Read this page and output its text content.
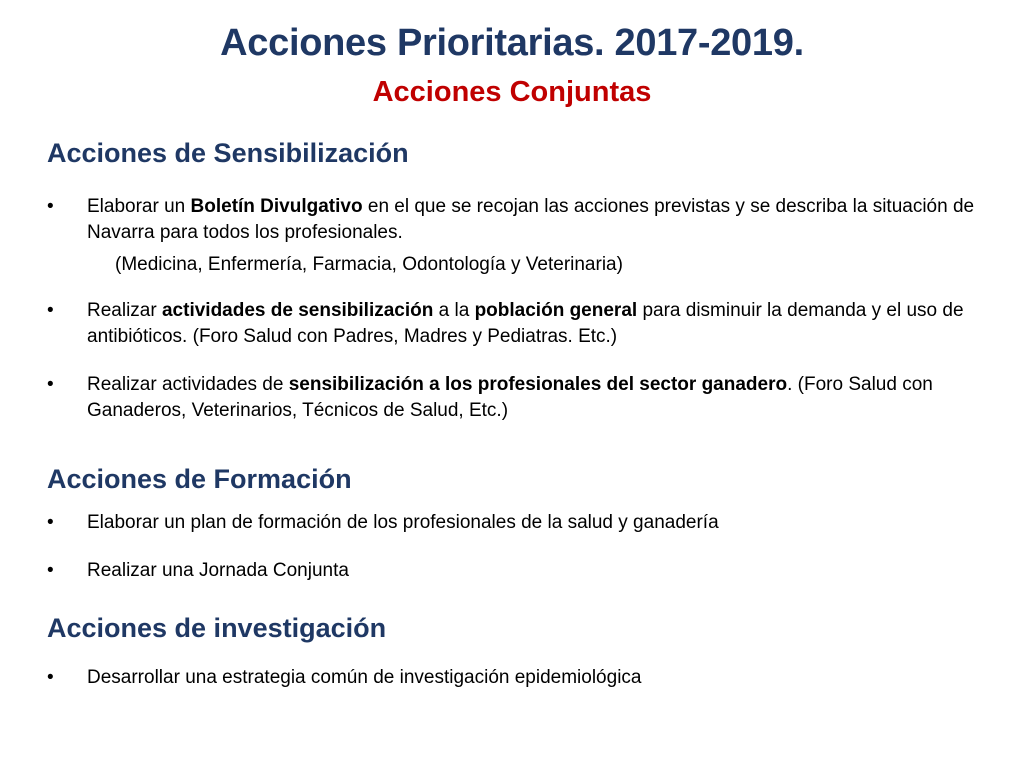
Acciones Prioritarias. 2017-2019.
Acciones Conjuntas
Acciones de Sensibilización
•	Elaborar un Boletín Divulgativo en el que se recojan las acciones previstas y se describa la situación de Navarra para todos los profesionales.
(Medicina, Enfermería, Farmacia, Odontología y Veterinaria)
•	Realizar actividades de sensibilización a la población general para disminuir la demanda y el uso de antibióticos. (Foro Salud con Padres, Madres y Pediatras. Etc.)
•	Realizar actividades de sensibilización a los profesionales del sector ganadero. (Foro Salud con Ganaderos, Veterinarios, Técnicos de Salud, Etc.)
Acciones de Formación
•	Elaborar un plan de formación de los profesionales de la salud y ganadería
•	Realizar una Jornada Conjunta
Acciones de investigación
•	Desarrollar una estrategia común de investigación epidemiológica
